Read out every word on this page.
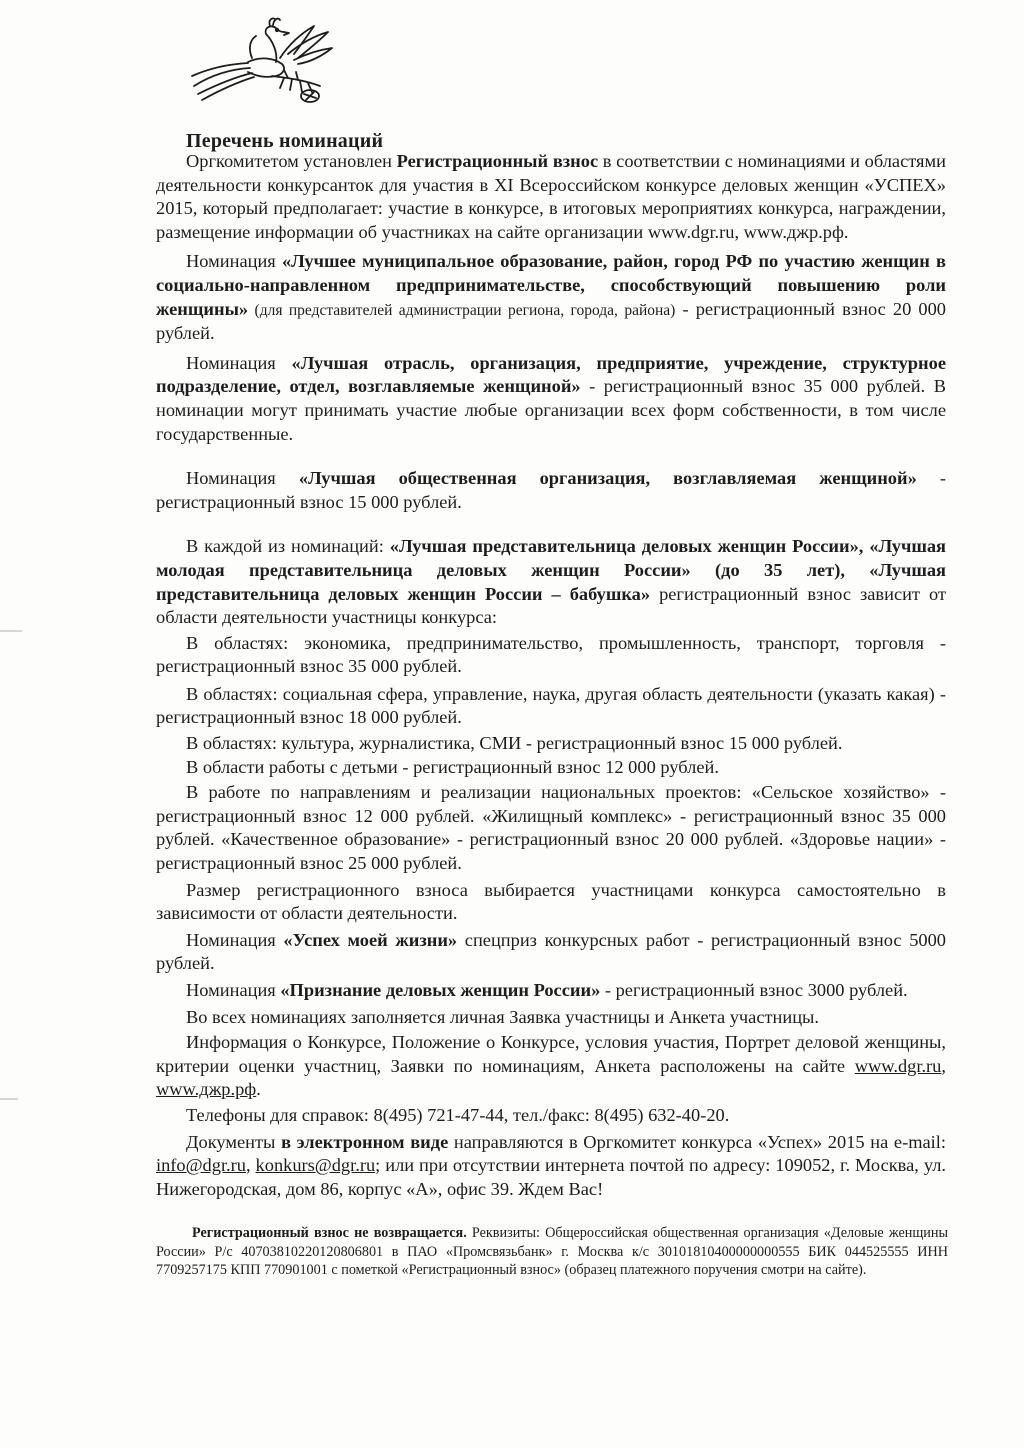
Перечень номинаций

Оргкомитетом установлен Регистрационный взнос в соответствии с номинациями и областями деятельности конкурсанток для участия в XI Всероссийском конкурсе деловых женщин «УСПЕХ» 2015, который предполагает: участие в конкурсе, в итоговых мероприятиях конкурса, награждении, размещение информации об участниках на сайте организации www.dgr.ru, www.джр.рф.

Номинация «Лучшее муниципальное образование, район, город РФ по участию женщин в социально-направленном предпринимательстве, способствующий повышению роли женщины» (для представителей администрации региона, города, района) - регистрационный взнос 20 000 рублей.

Номинация «Лучшая отрасль, организация, предприятие, учреждение, структурное подразделение, отдел, возглавляемые женщиной» - регистрационный взнос 35 000 рублей. В номинации могут принимать участие любые организации всех форм собственности, в том числе государственные.

Номинация «Лучшая общественная организация, возглавляемая женщиной» - регистрационный взнос 15 000 рублей.

В каждой из номинаций: «Лучшая представительница деловых женщин России», «Лучшая молодая представительница деловых женщин России» (до 35 лет), «Лучшая представительница деловых женщин России – бабушка» регистрационный взнос зависит от области деятельности участницы конкурса:

В областях: экономика, предпринимательство, промышленность, транспорт, торговля - регистрационный взнос 35 000 рублей.

В областях: социальная сфера, управление, наука, другая область деятельности (указать какая) - регистрационный взнос 18 000 рублей.

В областях: культура, журналистика, СМИ - регистрационный взнос 15 000 рублей.

В области работы с детьми - регистрационный взнос 12 000 рублей.

В работе по направлениям и реализации национальных проектов: «Сельское хозяйство» - регистрационный взнос 12 000 рублей. «Жилищный комплекс» - регистрационный взнос 35 000 рублей. «Качественное образование» - регистрационный взнос 20 000 рублей. «Здоровье нации» - регистрационный взнос 25 000 рублей.

Размер регистрационного взноса выбирается участницами конкурса самостоятельно в зависимости от области деятельности.

Номинация «Успех моей жизни» спецприз конкурсных работ - регистрационный взнос 5000 рублей.

Номинация «Признание деловых женщин России» - регистрационный взнос 3000 рублей.

Во всех номинациях заполняется личная Заявка участницы и Анкета участницы.

Информация о Конкурсе, Положение о Конкурсе, условия участия, Портрет деловой женщины, критерии оценки участниц, Заявки по номинациям, Анкета расположены на сайте www.dgr.ru, www.джр.рф.

Телефоны для справок: 8(495) 721-47-44, тел./факс: 8(495) 632-40-20.

Документы в электронном виде направляются в Оргкомитет конкурса «Успех» 2015 на e-mail: info@dgr.ru, konkurs@dgr.ru; или при отсутствии интернета почтой по адресу: 109052, г. Москва, ул. Нижегородская, дом 86, корпус «А», офис 39. Ждем Вас!

Регистрационный взнос не возвращается. Реквизиты: Общероссийская общественная организация «Деловые женщины России» Р/с 40703810220120806801 в ПАО «Промсвязьбанк» г. Москва к/с 30101810400000000555 БИК 044525555 ИНН 7709257175 КПП 770901001 с пометкой «Регистрационный взнос» (образец платежного поручения смотри на сайте).
